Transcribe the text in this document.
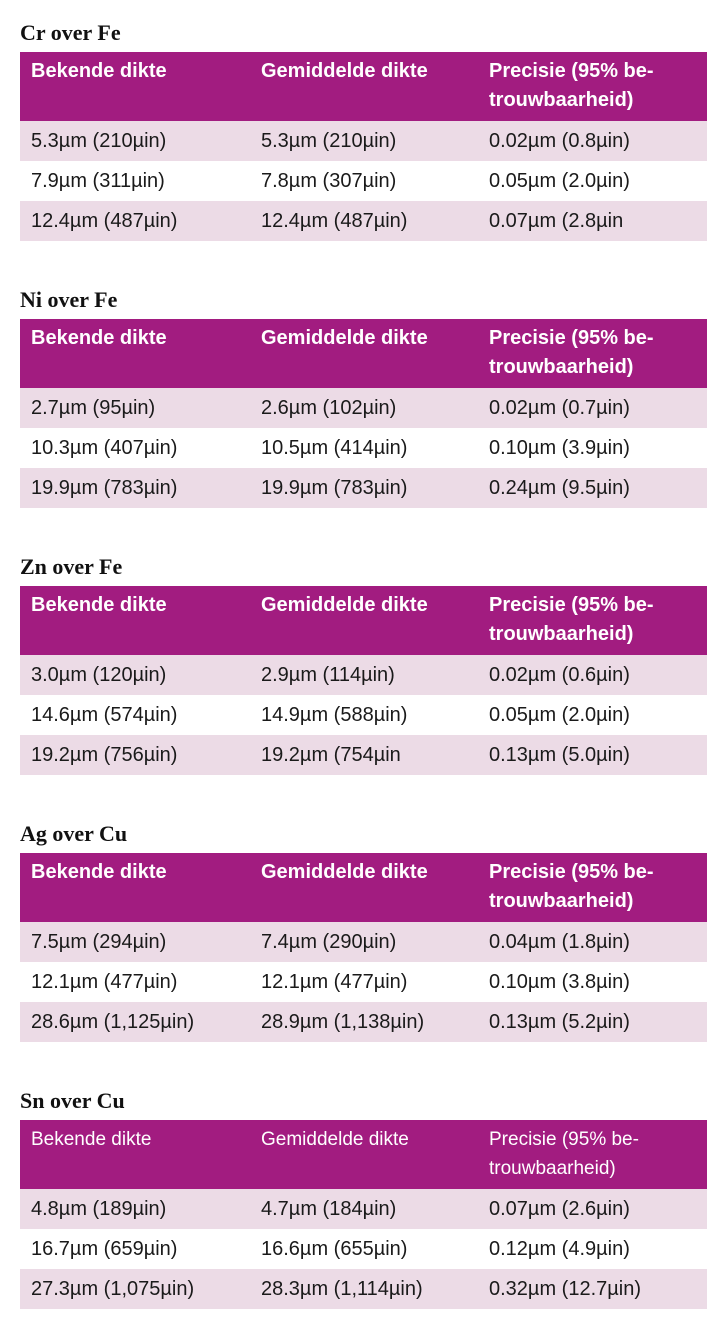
Cr over Fe
Bekende dikte	Gemiddelde dikte	Precisie (95% be-trouwbaarheid)
5.3µm (210µin)	5.3µm (210µin)	0.02µm (0.8µin)
7.9µm (311µin)	7.8µm (307µin)	0.05µm (2.0µin)
12.4µm (487µin)	12.4µm (487µin)	0.07µm (2.8µin
Ni over Fe
Bekende dikte	Gemiddelde dikte	Precisie (95% be-trouwbaarheid)
2.7µm (95µin)	2.6µm (102µin)	0.02µm (0.7µin)
10.3µm (407µin)	10.5µm (414µin)	0.10µm (3.9µin)
19.9µm (783µin)	19.9µm (783µin)	0.24µm (9.5µin)
Zn over Fe
Bekende dikte	Gemiddelde dikte	Precisie (95% be-trouwbaarheid)
3.0µm (120µin)	2.9µm (114µin)	0.02µm (0.6µin)
14.6µm (574µin)	14.9µm (588µin)	0.05µm (2.0µin)
19.2µm (756µin)	19.2µm (754µin	0.13µm (5.0µin)
Ag over Cu
Bekende dikte	Gemiddelde dikte	Precisie (95% be-trouwbaarheid)
7.5µm (294µin)	7.4µm (290µin)	0.04µm (1.8µin)
12.1µm (477µin)	12.1µm (477µin)	0.10µm (3.8µin)
28.6µm (1,125µin)	28.9µm (1,138µin)	0.13µm (5.2µin)
Sn over Cu
Bekende dikte	Gemiddelde dikte	Precisie (95% be-trouwbaarheid)
4.8µm (189µin)	4.7µm (184µin)	0.07µm (2.6µin)
16.7µm (659µin)	16.6µm (655µin)	0.12µm (4.9µin)
27.3µm (1,075µin)	28.3µm (1,114µin)	0.32µm (12.7µin)
